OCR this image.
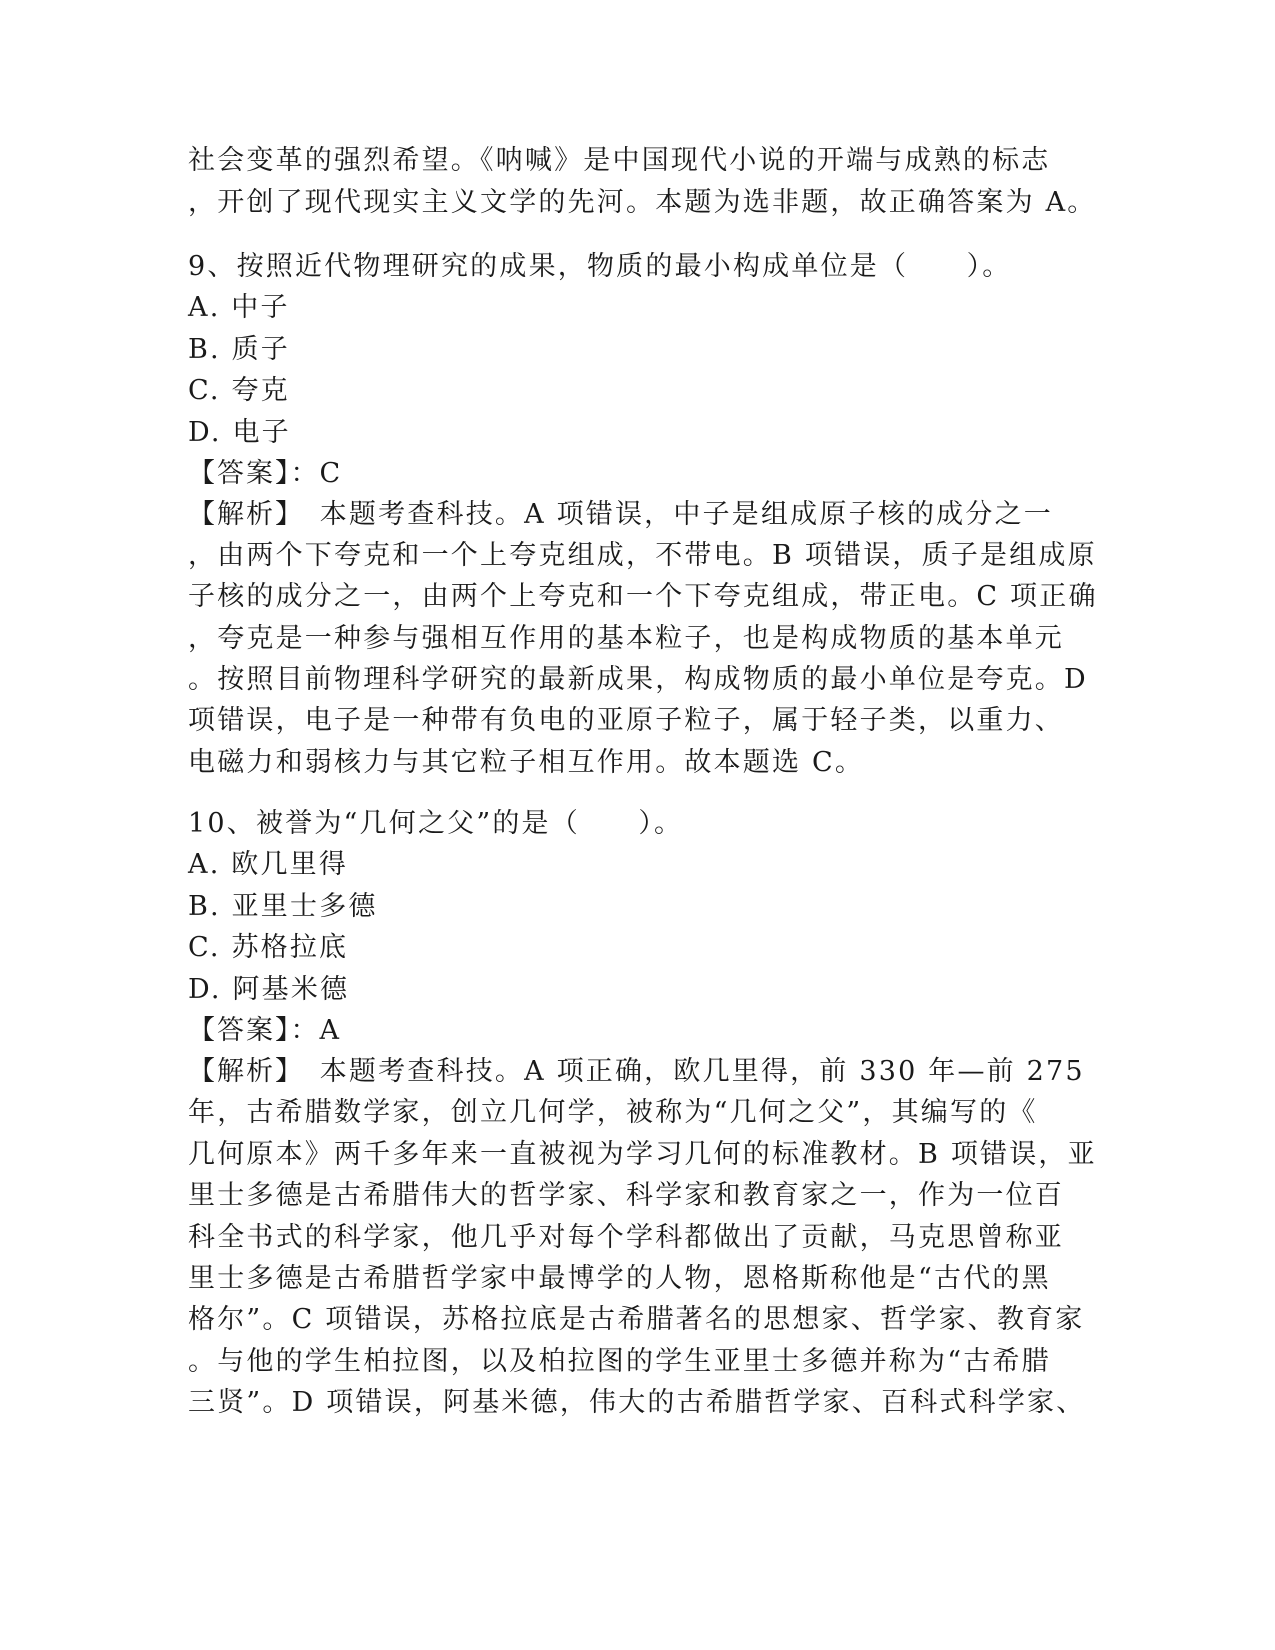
社会变革的强烈希望。《呐喊》是中国现代小说的开端与成熟的标志

，开创了现代现实主义文学的先河。本题为选非题，故正确答案为 A。

9、按照近代物理研究的成果，物质的最小构成单位是（　　）。

A. 中子

B. 质子

C. 夸克

D. 电子

【答案】：C

【解析】　本题考查科技。A 项错误，中子是组成原子核的成分之一

，由两个下夸克和一个上夸克组成，不带电。B 项错误，质子是组成原

子核的成分之一，由两个上夸克和一个下夸克组成，带正电。C 项正确

，夸克是一种参与强相互作用的基本粒子，也是构成物质的基本单元

。按照目前物理科学研究的最新成果，构成物质的最小单位是夸克。D

项错误，电子是一种带有负电的亚原子粒子，属于轻子类，以重力、

电磁力和弱核力与其它粒子相互作用。故本题选 C。

10、被誉为“几何之父”的是（　　）。

A. 欧几里得

B. 亚里士多德

C. 苏格拉底

D. 阿基米德

【答案】：A

【解析】　本题考查科技。A 项正确，欧几里得，前 330 年—前 275

年，古希腊数学家，创立几何学，被称为“几何之父”，其编写的《

几何原本》两千多年来一直被视为学习几何的标准教材。B 项错误，亚

里士多德是古希腊伟大的哲学家、科学家和教育家之一，作为一位百

科全书式的科学家，他几乎对每个学科都做出了贡献，马克思曾称亚

里士多德是古希腊哲学家中最博学的人物，恩格斯称他是“古代的黑

格尔”。C 项错误，苏格拉底是古希腊著名的思想家、哲学家、教育家

。与他的学生柏拉图，以及柏拉图的学生亚里士多德并称为“古希腊

三贤”。D 项错误，阿基米德，伟大的古希腊哲学家、百科式科学家、
